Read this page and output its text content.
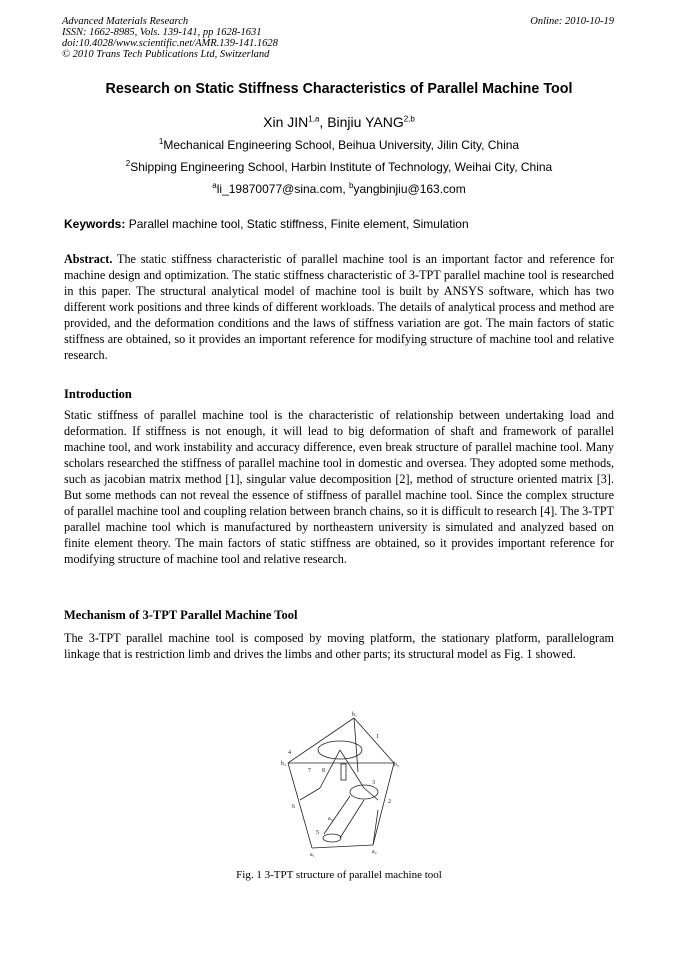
Advanced Materials Research
ISSN: 1662-8985, Vols. 139-141, pp 1628-1631
doi:10.4028/www.scientific.net/AMR.139-141.1628
© 2010 Trans Tech Publications Ltd, Switzerland
Online: 2010-10-19
Research on Static Stiffness Characteristics of Parallel Machine Tool
Xin JIN$^{1,a}$, Binjiu YANG$^{2,b}$
$^1$Mechanical Engineering School, Beihua University, Jilin City, China
$^2$Shipping Engineering School, Harbin Institute of Technology, Weihai City, China
$^a$li_19870077@sina.com, $^b$yangbinjiu@163.com
Keywords: Parallel machine tool, Static stiffness, Finite element, Simulation
Abstract. The static stiffness characteristic of parallel machine tool is an important factor and reference for machine design and optimization. The static stiffness characteristic of 3-TPT parallel machine tool is researched in this paper. The structural analytical model of machine tool is built by ANSYS software, which has two different work positions and three kinds of different workloads. The details of analytical process and method are provided, and the deformation conditions and the laws of stiffness variation are got. The main factors of static stiffness are obtained, so it provides an important reference for modifying structure of machine tool and relative research.
Introduction
Static stiffness of parallel machine tool is the characteristic of relationship between undertaking load and deformation. If stiffness is not enough, it will lead to big deformation of shaft and framework of parallel machine tool, and work instability and accuracy difference, even break structure of parallel machine tool. Many scholars researched the stiffness of parallel machine tool in domestic and oversea. They adopted some methods, such as jacobian matrix method [1], singular value decomposition [2], method of structure oriented matrix [3]. But some methods can not reveal the essence of stiffness of parallel machine tool. Since the complex structure of parallel machine tool and coupling relation between branch chains, so it is difficult to research [4]. The 3-TPT parallel machine tool which is manufactured by northeastern university is simulated and analyzed based on finite element theory. The main factors of static stiffness are obtained, so it provides important reference for modifying structure of machine tool and relative research.
Mechanism of 3-TPT Parallel Machine Tool
The 3-TPT parallel machine tool is composed by moving platform, the stationary platform, parallelogram linkage that is restriction limb and drives the limbs and other parts; its structural model as Fig. 1 showed.
b₁
b₂	b₃
a₁	a₂
a₃
1
2
3
4
5
6
7 8
Fig. 1 3-TPT structure of parallel machine tool
